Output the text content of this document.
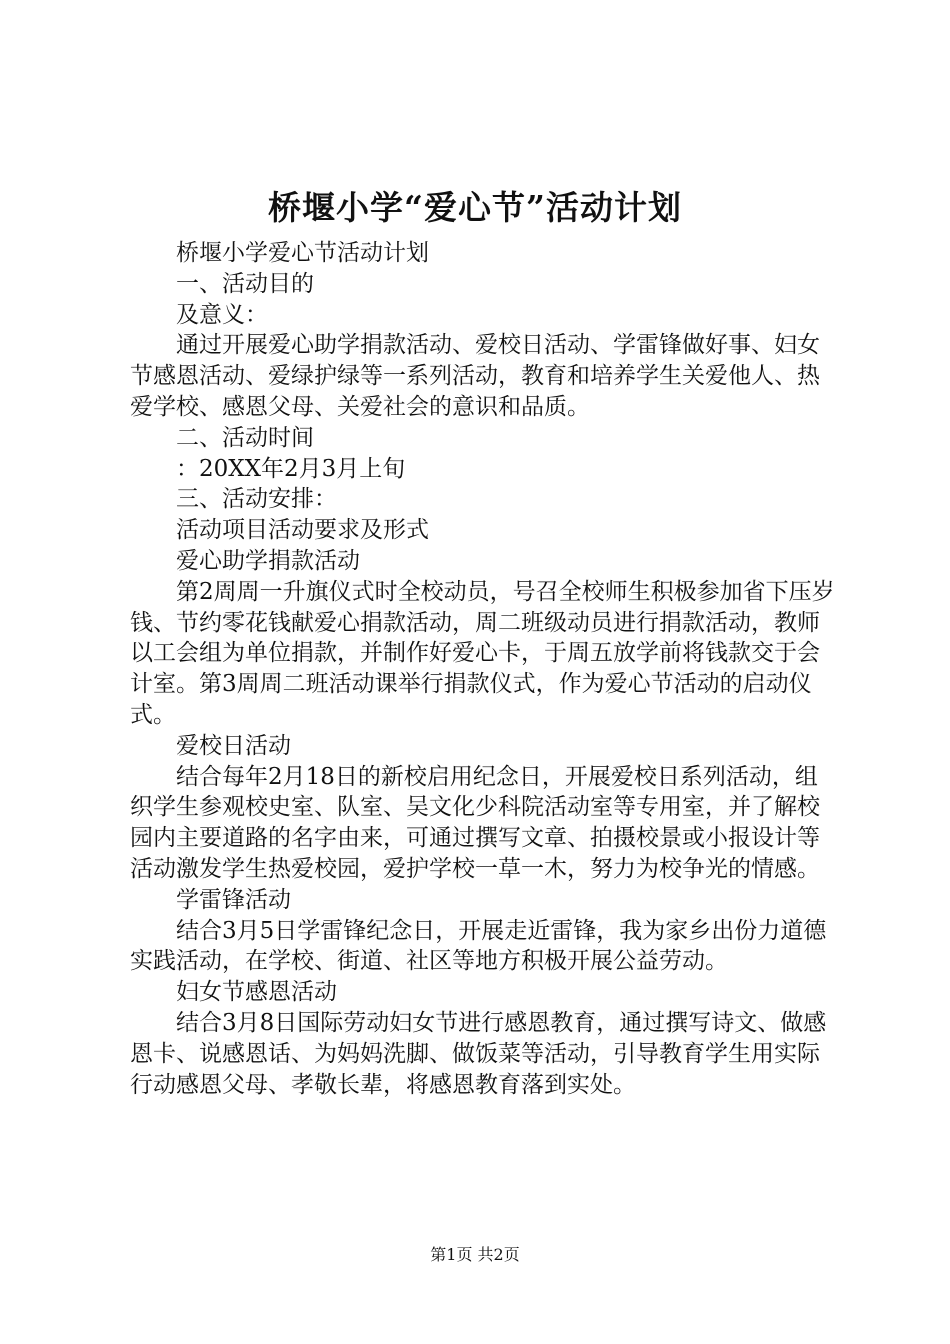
桥堰小学“爱心节”活动计划

桥堰小学爱心节活动计划

一、活动目的

及意义：

通过开展爱心助学捐款活动、爱校日活动、学雷锋做好事、妇女节感恩活动、爱绿护绿等一系列活动，教育和培养学生关爱他人、热爱学校、感恩父母、关爱社会的意识和品质。

二、活动时间

：20XX年2月3月上旬

三、活动安排：

活动项目活动要求及形式

爱心助学捐款活动

第2周周一升旗仪式时全校动员，号召全校师生积极参加省下压岁钱、节约零花钱献爱心捐款活动，周二班级动员进行捐款活动，教师以工会组为单位捐款，并制作好爱心卡，于周五放学前将钱款交于会计室。第3周周二班活动课举行捐款仪式，作为爱心节活动的启动仪式。

爱校日活动

结合每年2月18日的新校启用纪念日，开展爱校日系列活动，组织学生参观校史室、队室、吴文化少科院活动室等专用室，并了解校园内主要道路的名字由来，可通过撰写文章、拍摄校景或小报设计等活动激发学生热爱校园，爱护学校一草一木，努力为校争光的情感。

学雷锋活动

结合3月5日学雷锋纪念日，开展走近雷锋，我为家乡出份力道德实践活动，在学校、街道、社区等地方积极开展公益劳动。

妇女节感恩活动

结合3月8日国际劳动妇女节进行感恩教育，通过撰写诗文、做感恩卡、说感恩话、为妈妈洗脚、做饭菜等活动，引导教育学生用实际行动感恩父母、孝敬长辈，将感恩教育落到实处。

第1页 共2页
